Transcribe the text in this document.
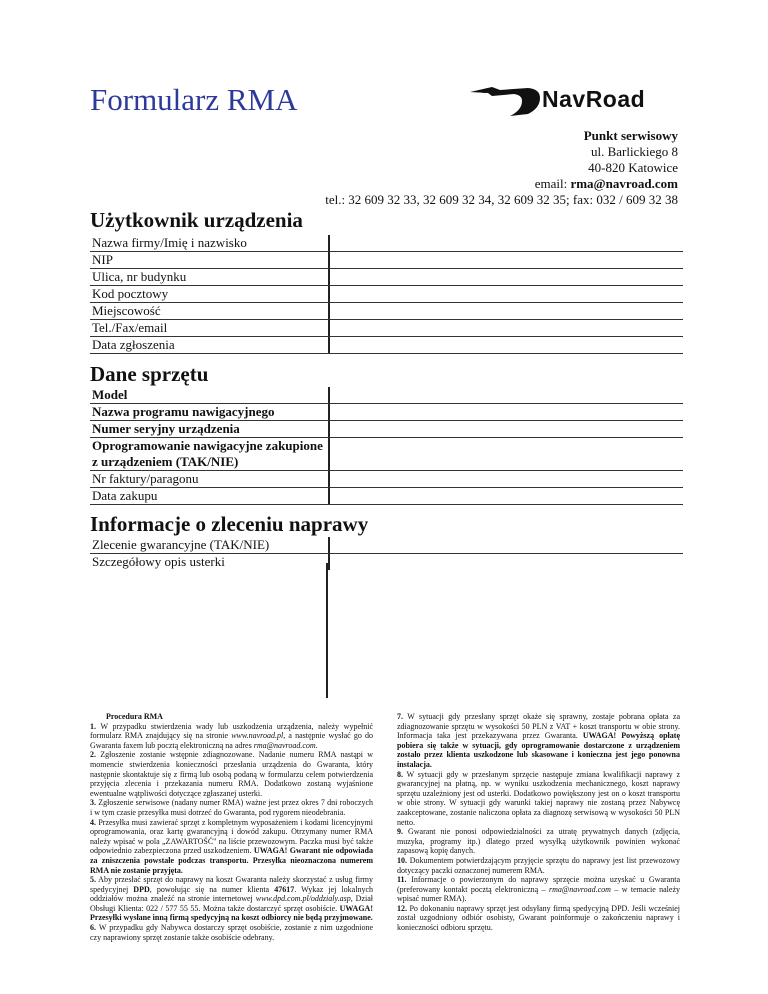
Formularz RMA	NavRoad
Punkt serwisowy
ul. Barlickiego 8
40-820 Katowice
email: rma@navroad.com
tel.: 32 609 32 33, 32 609 32 34, 32 609 32 35; fax: 032 / 609 32 38
Użytkownik urządzenia
Nazwa firmy/Imię i nazwisko
NIP
Ulica, nr budynku
Kod pocztowy
Miejscowość
Tel./Fax/email
Data zgłoszenia
Dane sprzętu
Model
Nazwa programu nawigacyjnego
Numer seryjny urządzenia
Oprogramowanie nawigacyjne zakupione z urządzeniem (TAK/NIE)
Nr faktury/paragonu
Data zakupu
Informacje o zleceniu naprawy
Zlecenie gwarancyjne (TAK/NIE)
Szczegółowy opis usterki
Procedura RMA
1. W przypadku stwierdzenia wady lub uszkodzenia urządzenia, należy wypełnić formularz RMA znajdujący się na stronie www.navroad.pl, a następnie wysłać go do Gwaranta faxem lub pocztą elektroniczną na adres rma@navroad.com.
2. Zgłoszenie zostanie wstępnie zdiagnozowane. Nadanie numeru RMA nastąpi w momencie stwierdzenia konieczności przesłania urządzenia do Gwaranta, który następnie skontaktuje się z firmą lub osobą podaną w formularzu celem potwierdzenia przyjęcia zlecenia i przekazania numeru RMA. Dodatkowo zostaną wyjaśnione ewentualne wątpliwości dotyczące zgłaszanej usterki.
3. Zgłoszenie serwisowe (nadany numer RMA) ważne jest przez okres 7 dni roboczych i w tym czasie przesyłka musi dotrzeć do Gwaranta, pod rygorem nieodebrania.
4. Przesyłka musi zawierać sprzęt z kompletnym wyposażeniem i kodami licencyjnymi oprogramowania, oraz kartę gwarancyjną i dowód zakupu. Otrzymany numer RMA należy wpisać w pola „ZAWARTOŚĆ" na liście przewozowym. Paczka musi być także odpowiednio zabezpieczona przed uszkodzeniem. UWAGA! Gwarant nie odpowiada za zniszczenia powstałe podczas transportu. Przesyłka nieoznaczona numerem RMA nie zostanie przyjęta.
5. Aby przesłać sprzęt do naprawy na koszt Gwaranta należy skorzystać z usług firmy spedycyjnej DPD, powołując się na numer klienta 47617. Wykaz jej lokalnych oddziałów można znaleźć na stronie internetowej www.dpd.com.pl/oddzialy.asp, Dział Obsługi Klienta: 022 / 577 55 55. Można także dostarczyć sprzęt osobiście. UWAGA! Przesyłki wysłane inną firmą spedycyjną na koszt odbiorcy nie będą przyjmowane.
6. W przypadku gdy Nabywca dostarczy sprzęt osobiście, zostanie z nim uzgodnione czy naprawiony sprzęt zostanie także osobiście odebrany.
7. W sytuacji gdy przesłany sprzęt okaże się sprawny, zostaje pobrana opłata za zdiagnozowanie sprzętu w wysokości 50 PLN z VAT + koszt transportu w obie strony. Informacja taka jest przekazywana przez Gwaranta. UWAGA! Powyższą opłatę pobiera się także w sytuacji, gdy oprogramowanie dostarczone z urządzeniem zostało przez klienta uszkodzone lub skasowane i konieczna jest jego ponowna instalacja.
8. W sytuacji gdy w przesłanym sprzęcie następuje zmiana kwalifikacji naprawy z gwarancyjnej na płatną, np. w wyniku uszkodzenia mechanicznego, koszt naprawy sprzętu uzależniony jest od usterki. Dodatkowo powiększony jest on o koszt transportu w obie strony. W sytuacji gdy warunki takiej naprawy nie zostaną przez Nabywcę zaakceptowane, zostanie naliczona opłata za diagnozę serwisową w wysokości 50 PLN netto.
9. Gwarant nie ponosi odpowiedzialności za utratę prywatnych danych (zdjęcia, muzyka, programy itp.) dlatego przed wysyłką użytkownik powinien wykonać zapasową kopię danych.
10. Dokumentem potwierdzającym przyjęcie sprzętu do naprawy jest list przewozowy dotyczący paczki oznaczonej numerem RMA.
11. Informacje o powierzonym do naprawy sprzęcie można uzyskać u Gwaranta (preferowany kontakt pocztą elektroniczną – rma@navroad.com – w temacie należy wpisać numer RMA).
12. Po dokonaniu naprawy sprzęt jest odsyłany firmą spedycyjną DPD. Jeśli wcześniej został uzgodniony odbiór osobisty, Gwarant poinformuje o zakończeniu naprawy i konieczności odbioru sprzętu.
